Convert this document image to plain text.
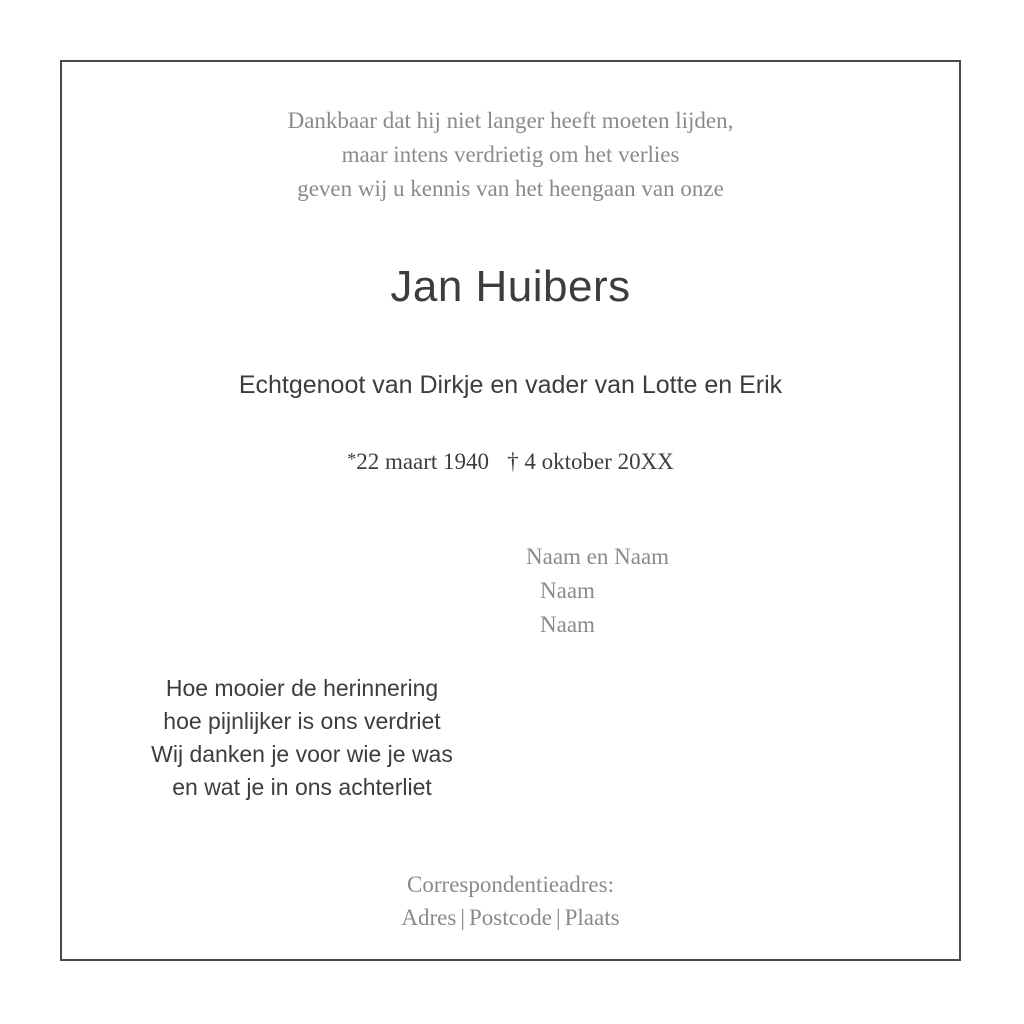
Dankbaar dat hij niet langer heeft moeten lijden,
maar intens verdrietig om het verlies
geven wij u kennis van het heengaan van onze
Jan Huibers
Echtgenoot van Dirkje en vader van Lotte en Erik
*22 maart 1940 † 4 oktober 20XX
Naam en Naam
Naam
Naam
Hoe mooier de herinnering
hoe pijnlijker is ons verdriet
Wij danken je voor wie je was
en wat je in ons achterliet
Correspondentieadres:
Adres | Postcode | Plaats
